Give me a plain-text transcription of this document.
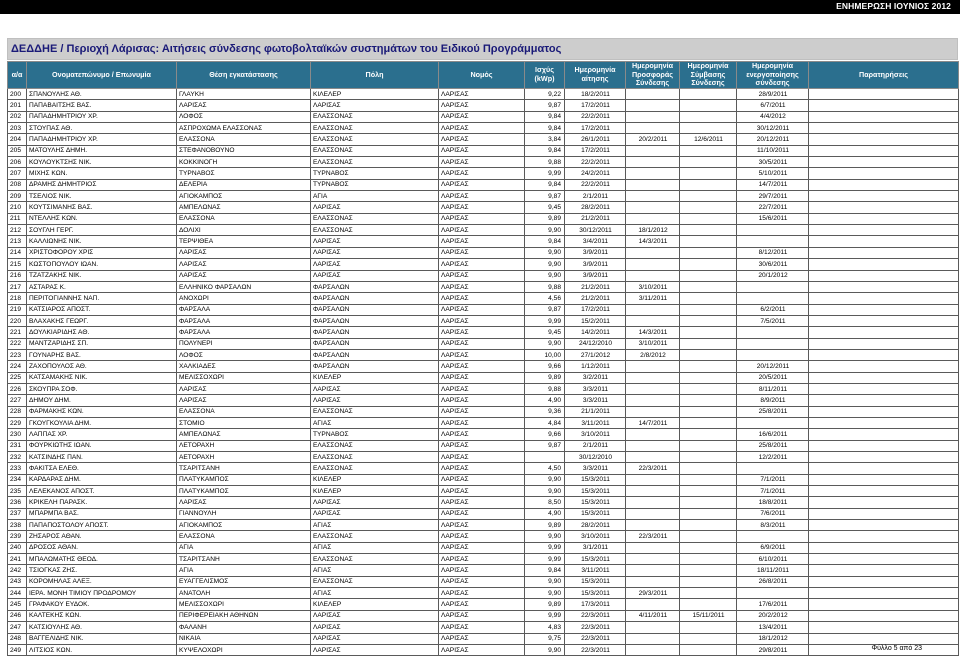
ΕΝΗΜΕΡΩΣΗ ΙΟΥΝΙΟΣ 2012
ΔΕΔΔΗΕ / Περιοχή Λάρισας: Αιτήσεις σύνδεσης φωτοβολταϊκών συστημάτων του Ειδικού Προγράμματος
α/α	Ονοματεπώνυμο / Επωνυμία	Θέση εγκατάστασης	Πόλη	Νομός	Ισχύς (kWp)	Ημερομηνία αίτησης	Ημερομηνία Προσφοράς Σύνδεσης	Ημερομηνία Σύμβασης Σύνδεσης	Ημερομηνία ενεργοποίησης σύνδεσης	Παρατηρήσεις
200	ΣΠΑΝΟΥΛΗΣ ΑΘ.	ΓΛΑΥΚΗ	ΚΙΛΕΛΕΡ	ΛΑΡΙΣΑΣ	9,22	18/2/2011			28/9/2011	
201	ΠΑΠΑΒΑΙΤΣΗΣ ΒΑΣ.	ΛΑΡΙΣΑΣ	ΛΑΡΙΣΑΣ	ΛΑΡΙΣΑΣ	9,87	17/2/2011			6/7/2011	
202	ΠΑΠΑΔΗΜΗΤΡΙΟΥ ΧΡ.	ΛΟΦΟΣ	ΕΛΑΣΣΟΝΑΣ	ΛΑΡΙΣΑΣ	9,84	22/2/2011			4/4/2012	
203	ΣΤΟΥΠΑΣ ΑΘ.	ΑΣΠΡΟΧΩΜΑ ΕΛΑΣΣΟΝΑΣ	ΕΛΑΣΣΟΝΑΣ	ΛΑΡΙΣΑΣ	9,84	17/2/2011			30/12/2011	
204	ΠΑΠΑΔΗΜΗΤΡΙΟΥ ΧΡ.	ΕΛΑΣΣΟΝΑ	ΕΛΑΣΣΟΝΑΣ	ΛΑΡΙΣΑΣ	3,84	26/1/2011	20/2/2011	12/6/2011	20/12/2011	
205	ΜΑΤΟΥΛΗΣ ΔΗΜΗ.	ΣΤΕΦΑΝΟΒΟΥΝΟ	ΕΛΑΣΣΟΝΑΣ	ΛΑΡΙΣΑΣ	9,84	17/2/2011			11/10/2011	
206	ΚΟΥΛΟΥΚΤΣΗΣ ΝΙΚ.	ΚΟΚΚΙΝΟΓΗ	ΕΛΑΣΣΟΝΑΣ	ΛΑΡΙΣΑΣ	9,88	22/2/2011			30/5/2011	
207	ΜΙΧΗΣ ΚΩΝ.	ΤΥΡΝΑΒΟΣ	ΤΥΡΝΑΒΟΣ	ΛΑΡΙΣΑΣ	9,99	24/2/2011			5/10/2011	
208	ΔΡΑΜΗΣ ΔΗΜΗΤΡΙΟΣ	ΔΕΛΕΡΙΑ	ΤΥΡΝΑΒΟΣ	ΛΑΡΙΣΑΣ	9,84	22/2/2011			14/7/2011	
209	ΤΣΕΛΙΟΣ ΝΙΚ.	ΑΓΙΟΚΑΜΠΟΣ	ΑΓΙΑ	ΛΑΡΙΣΑΣ	9,87	2/1/2011			29/7/2011	
210	ΚΟΥΤΣΙΜΑΝΗΣ ΒΑΣ.	ΑΜΠΕΛΩΝΑΣ	ΛΑΡΙΣΑΣ	ΛΑΡΙΣΑΣ	9,45	28/2/2011			22/7/2011	
211	ΝΤΕΛΛΗΣ ΚΩΝ.	ΕΛΑΣΣΟΝΑ	ΕΛΑΣΣΟΝΑΣ	ΛΑΡΙΣΑΣ	9,89	21/2/2011			15/6/2011	
212	ΣΟΥΓΛΗ ΓΕΡΓ.	ΔΟΛΙΧΙ	ΕΛΑΣΣΟΝΑΣ	ΛΑΡΙΣΑΣ	9,90	30/12/2011	18/1/2012			
213	ΚΑΛΛΙΩΝΗΣ ΝΙΚ.	ΤΕΡΨΙΘΕΑ	ΛΑΡΙΣΑΣ	ΛΑΡΙΣΑΣ	9,84	3/4/2011	14/3/2011			
214	ΧΡΙΣΤΟΦΟΡΟΥ ΧΡΙΣ	ΛΑΡΙΣΑΣ	ΛΑΡΙΣΑΣ	ΛΑΡΙΣΑΣ	9,90	3/9/2011			8/12/2011	
215	ΚΩΣΤΟΠΟΥΛΟΥ ΙΩΑΝ.	ΛΑΡΙΣΑΣ	ΛΑΡΙΣΑΣ	ΛΑΡΙΣΑΣ	9,90	3/9/2011			30/6/2011	
216	ΤΖΑΤΖΑΚΗΣ ΝΙΚ.	ΛΑΡΙΣΑΣ	ΛΑΡΙΣΑΣ	ΛΑΡΙΣΑΣ	9,90	3/9/2011			20/1/2012	
217	ΑΣΤΑΡΑΣ Κ.	ΕΛΛΗΝΙΚΟ ΦΑΡΣΑΛΩΝ	ΦΑΡΣΑΛΩΝ	ΛΑΡΙΣΑΣ	9,88	21/2/2011	3/10/2011			
218	ΠΕΡΙΤΟΓΙΑΝΝΗΣ ΝΑΠ.	ΑΝΟΧΩΡΙ	ΦΑΡΣΑΛΩΝ	ΛΑΡΙΣΑΣ	4,56	21/2/2011	3/11/2011			
219	ΚΑΤΣΙΑΡΟΣ ΑΠΟΣΤ.	ΦΑΡΣΑΛΑ	ΦΑΡΣΑΛΩΝ	ΛΑΡΙΣΑΣ	9,87	17/2/2011			6/2/2011	
220	ΒΛΑΧΑΚΗΣ ΓΕΩΡΓ.	ΦΑΡΣΑΛΑ	ΦΑΡΣΑΛΩΝ	ΛΑΡΙΣΑΣ	9,99	15/2/2011			7/5/2011	
221	ΔΟΥΛΚΙΑΡΙΔΗΣ ΑΘ.	ΦΑΡΣΑΛΑ	ΦΑΡΣΑΛΩΝ	ΛΑΡΙΣΑΣ	9,45	14/2/2011	14/3/2011			
222	ΜΑΝΤΖΑΡΙΔΗΣ ΣΠ.	ΠΟΛΥΝΕΡΙ	ΦΑΡΣΑΛΩΝ	ΛΑΡΙΣΑΣ	9,90	24/12/2010	3/10/2011			
223	ΓΟΥΝΑΡΗΣ ΒΑΣ.	ΛΟΦΟΣ	ΦΑΡΣΑΛΩΝ	ΛΑΡΙΣΑΣ	10,00	27/1/2012	2/8/2012			
224	ΖΑΧΟΠΟΥΛΟΣ ΑΘ.	ΧΑΛΚΙΑΔΕΣ	ΦΑΡΣΑΛΩΝ	ΛΑΡΙΣΑΣ	9,66	1/12/2011			20/12/2011	
225	ΚΑΤΣΑΜΑΚΗΣ ΝΙΚ.	ΜΕΛΙΣΣΟΧΩΡΙ	ΚΙΛΕΛΕΡ	ΛΑΡΙΣΑΣ	9,89	3/2/2011			20/5/2011	
226	ΣΚΟΥΠΡΑ ΣΟΦ.	ΛΑΡΙΣΑΣ	ΛΑΡΙΣΑΣ	ΛΑΡΙΣΑΣ	9,88	3/3/2011			8/11/2011	
227	ΔΗΜΟΥ ΔΗΜ.	ΛΑΡΙΣΑΣ	ΛΑΡΙΣΑΣ	ΛΑΡΙΣΑΣ	4,90	3/3/2011			8/9/2011	
228	ΦΑΡΜΑΚΗΣ ΚΩΝ.	ΕΛΑΣΣΟΝΑ	ΕΛΑΣΣΟΝΑΣ	ΛΑΡΙΣΑΣ	9,36	21/1/2011			25/8/2011	
229	ΓΚΟΥΓΚΟΥΛΙΑ ΔΗΜ.	ΣΤΟΜΙΟ	ΑΓΙΑΣ	ΛΑΡΙΣΑΣ	4,84	3/11/2011	14/7/2011			
230	ΛΑΠΠΑΣ ΧΡ.	ΑΜΠΕΛΩΝΑΣ	ΤΥΡΝΑΒΟΣ	ΛΑΡΙΣΑΣ	9,66	3/10/2011			16/6/2011	
231	ΦΟΥΡΚΙΩΤΗΣ ΙΩΑΝ.	ΛΕΤΟΡΑΧΗ	ΕΛΑΣΣΟΝΑΣ	ΛΑΡΙΣΑΣ	9,87	2/1/2011			25/8/2011	
232	ΚΑΤΣΙΝΔΗΣ ΠΑΝ.	ΑΕΤΟΡΑΧΗ	ΕΛΑΣΣΟΝΑΣ	ΛΑΡΙΣΑΣ		30/12/2010			12/2/2011	
233	ΦΑΚΙΤΣΑ ΕΛΕΘ.	ΤΣΑΡΙΤΣΑΝΗ	ΕΛΑΣΣΟΝΑΣ	ΛΑΡΙΣΑΣ	4,50	3/3/2011	22/3/2011			
234	ΚΑΡΔΑΡΑΣ ΔΗΜ.	ΠΛΑΤΥΚΑΜΠΟΣ	ΚΙΛΕΛΕΡ	ΛΑΡΙΣΑΣ	9,90	15/3/2011			7/1/2011	
235	ΛΕΛΕΚΑΝΟΣ ΑΠΟΣΤ.	ΠΛΑΤΥΚΑΜΠΟΣ	ΚΙΛΕΛΕΡ	ΛΑΡΙΣΑΣ	9,90	15/3/2011			7/1/2011	
236	ΚΡΙΚΕΛΗ ΠΑΡΑΣΚ.	ΛΑΡΙΣΑΣ	ΛΑΡΙΣΑΣ	ΛΑΡΙΣΑΣ	8,50	15/3/2011			18/8/2011	
237	ΜΠΑΡΜΠΑ ΒΑΣ.	ΓΙΑΝΝΟΥΛΗ	ΛΑΡΙΣΑΣ	ΛΑΡΙΣΑΣ	4,90	15/3/2011			7/6/2011	
238	ΠΑΠΑΠΟΣΤΟΛΟΥ ΑΠΟΣΤ.	ΑΓΙΟΚΑΜΠΟΣ	ΑΓΙΑΣ	ΛΑΡΙΣΑΣ	9,89	28/2/2011			8/3/2011	
239	ΖΗΣΑΡΟΣ ΑΘΑΝ.	ΕΛΑΣΣΟΝΑ	ΕΛΑΣΣΟΝΑΣ	ΛΑΡΙΣΑΣ	9,90	3/10/2011	22/3/2011			
240	ΔΡΟΣΟΣ ΑΘΑΝ.	ΑΓΙΑ	ΑΓΙΑΣ	ΛΑΡΙΣΑΣ	9,99	3/1/2011			6/9/2011	
241	ΜΠΑΛΩΜΑΤΗΣ ΘΕΟΔ.	ΤΣΑΡΙΤΣΑΝΗ	ΕΛΑΣΣΟΝΑΣ	ΛΑΡΙΣΑΣ	9,99	15/3/2011			6/10/2011	
242	ΤΣΙΟΓΚΑΣ ΖΗΣ.	ΑΓΙΑ	ΑΓΙΑΣ	ΛΑΡΙΣΑΣ	9,84	3/11/2011			18/11/2011	
243	ΚΟΡΟΜΗΛΑΣ ΑΛΕΞ.	ΕΥΑΓΓΕΛΙΣΜΟΣ	ΕΛΑΣΣΟΝΑΣ	ΛΑΡΙΣΑΣ	9,90	15/3/2011			26/8/2011	
244	ΙΕΡΑ. ΜΟΝΗ ΤΙΜΙΟΥ ΠΡΟΔΡΟΜΟΥ	ΑΝΑΤΟΛΗ	ΑΓΙΑΣ	ΛΑΡΙΣΑΣ	9,90	15/3/2011	29/3/2011			
245	ΓΡΑΦΑΚΟΥ ΕΥΔΟΚ.	ΜΕΛΙΣΣΟΧΩΡΙ	ΚΙΛΕΛΕΡ	ΛΑΡΙΣΑΣ	9,89	17/3/2011			17/6/2011	
246	ΚΑΛΤΕΚΗΣ ΚΩΝ.	ΠΕΡΙΦΕΡΕΙΑΚΗ ΑΘΗΝΩΝ	ΛΑΡΙΣΑΣ	ΛΑΡΙΣΑΣ	9,99	22/3/2011	4/11/2011	15/11/2011	20/2/2012	
247	ΚΑΤΣΙΟΥΛΗΣ ΑΘ.	ΦΑΛΑΝΗ	ΛΑΡΙΣΑΣ	ΛΑΡΙΣΑΣ	4,83	22/3/2011			13/4/2011	
248	ΒΑΓΓΕΛΙΔΗΣ ΝΙΚ.	ΝΙΚΑΙΑ	ΛΑΡΙΣΑΣ	ΛΑΡΙΣΑΣ	9,75	22/3/2011			18/1/2012	
249	ΛΙΤΣΙΟΣ ΚΩΝ.	ΚΥΨΕΛΟΧΩΡΙ	ΛΑΡΙΣΑΣ	ΛΑΡΙΣΑΣ	9,90	22/3/2011			29/8/2011		Φύλλο 5 από 23
